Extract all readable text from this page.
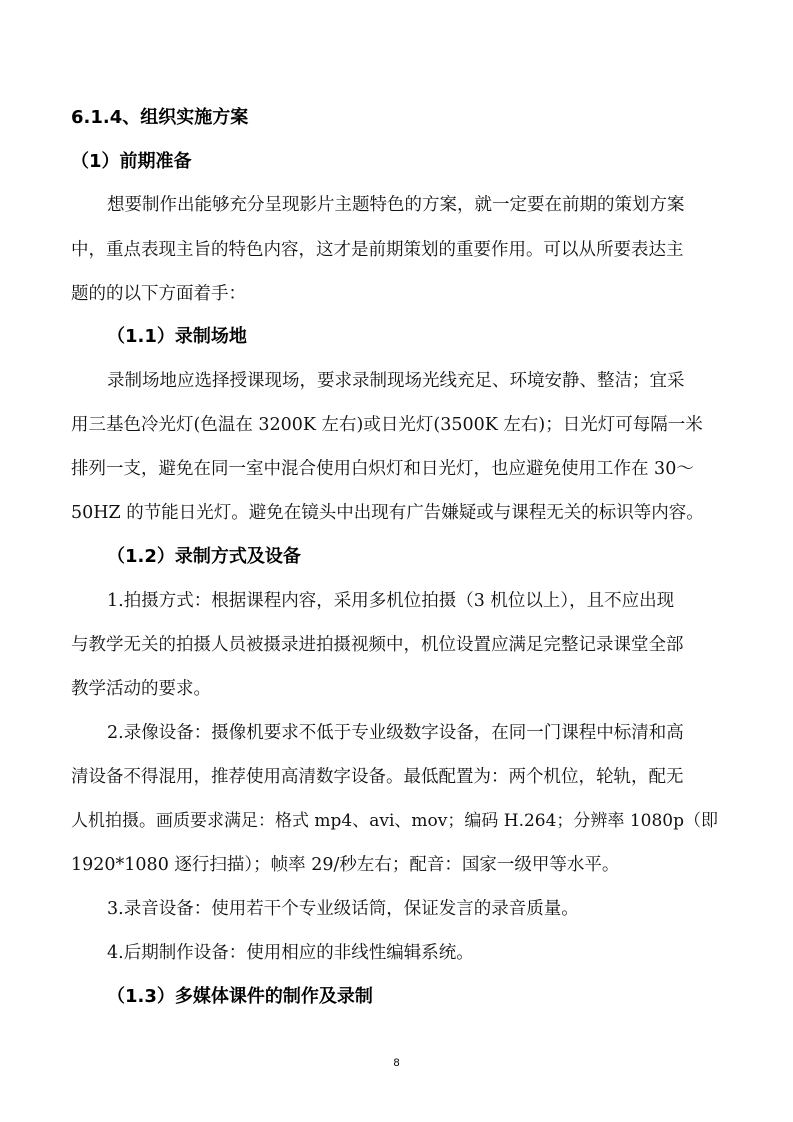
6.1.4、组织实施方案
（1）前期准备
想要制作出能够充分呈现影片主题特色的方案，就一定要在前期的策划方案
中，重点表现主旨的特色内容，这才是前期策划的重要作用。可以从所要表达主
题的的以下方面着手：
（1.1）录制场地
录制场地应选择授课现场，要求录制现场光线充足、环境安静、整洁；宜采
用三基色冷光灯(色温在 3200K 左右)或日光灯(3500K 左右)；日光灯可每隔一米
排列一支，避免在同一室中混合使用白炽灯和日光灯，也应避免使用工作在 30～
50HZ 的节能日光灯。避免在镜头中出现有广告嫌疑或与课程无关的标识等内容。
（1.2）录制方式及设备
1.拍摄方式：根据课程内容，采用多机位拍摄（3 机位以上），且不应出现
与教学无关的拍摄人员被摄录进拍摄视频中，机位设置应满足完整记录课堂全部
教学活动的要求。
2.录像设备：摄像机要求不低于专业级数字设备，在同一门课程中标清和高
清设备不得混用，推荐使用高清数字设备。最低配置为：两个机位，轮轨，配无
人机拍摄。画质要求满足：格式 mp4、avi、mov；编码 H.264；分辨率 1080p（即
1920*1080 逐行扫描）；帧率 29/秒左右；配音：国家一级甲等水平。
3.录音设备：使用若干个专业级话筒，保证发言的录音质量。
4.后期制作设备：使用相应的非线性编辑系统。
（1.3）多媒体课件的制作及录制
8
